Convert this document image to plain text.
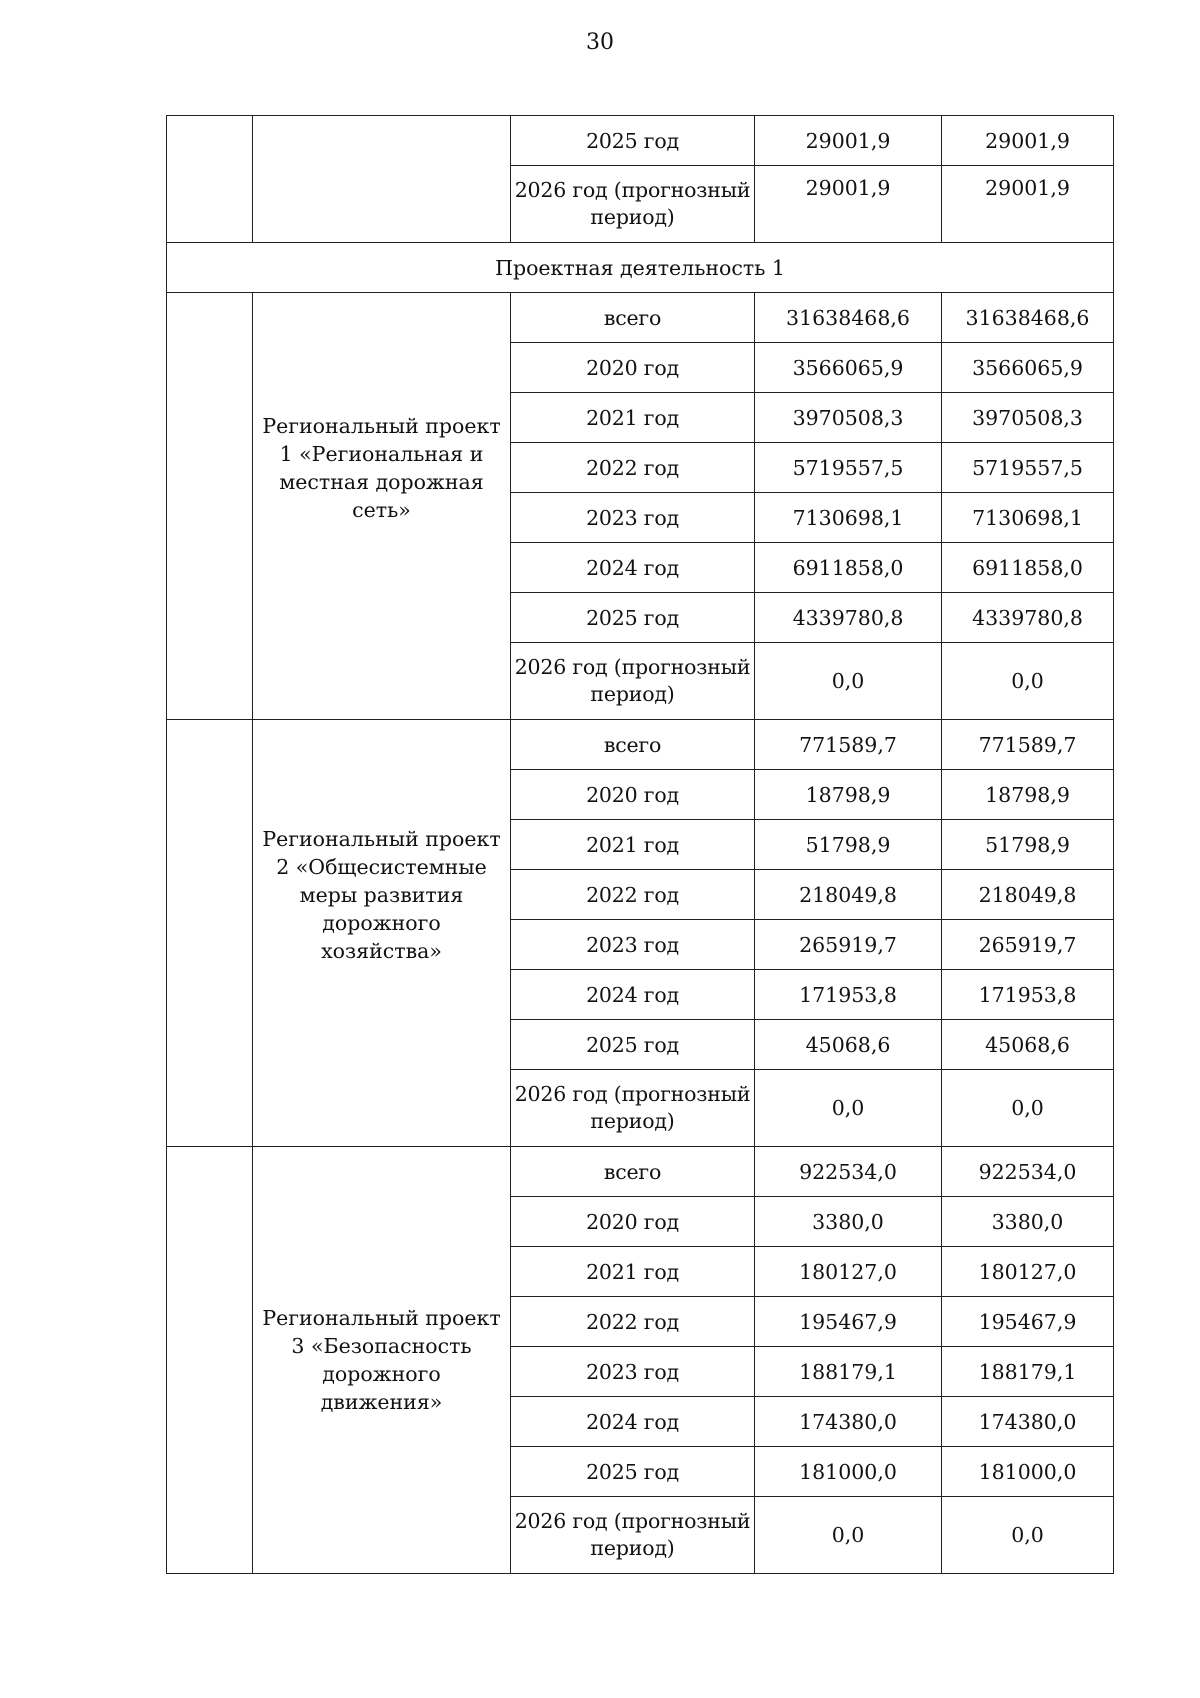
30
		2025 год	29001,9	29001,9
		2026 год (прогнозный период)	29001,9	29001,9
Проектная деятельность 1				
	Региональный проект 1 «Региональная и местная дорожная сеть»	всего	31638468,6	31638468,6
		2020 год	3566065,9	3566065,9
		2021 год	3970508,3	3970508,3
		2022 год	5719557,5	5719557,5
		2023 год	7130698,1	7130698,1
		2024 год	6911858,0	6911858,0
		2025 год	4339780,8	4339780,8
		2026 год (прогнозный период)	0,0	0,0
	Региональный проект 2 «Общесистемные меры развития дорожного хозяйства»	всего	771589,7	771589,7
		2020 год	18798,9	18798,9
		2021 год	51798,9	51798,9
		2022 год	218049,8	218049,8
		2023 год	265919,7	265919,7
		2024 год	171953,8	171953,8
		2025 год	45068,6	45068,6
		2026 год (прогнозный период)	0,0	0,0
	Региональный проект 3 «Безопасность дорожного движения»	всего	922534,0	922534,0
		2020 год	3380,0	3380,0
		2021 год	180127,0	180127,0
		2022 год	195467,9	195467,9
		2023 год	188179,1	188179,1
		2024 год	174380,0	174380,0
		2025 год	181000,0	181000,0
		2026 год (прогнозный период)	0,0	0,0
